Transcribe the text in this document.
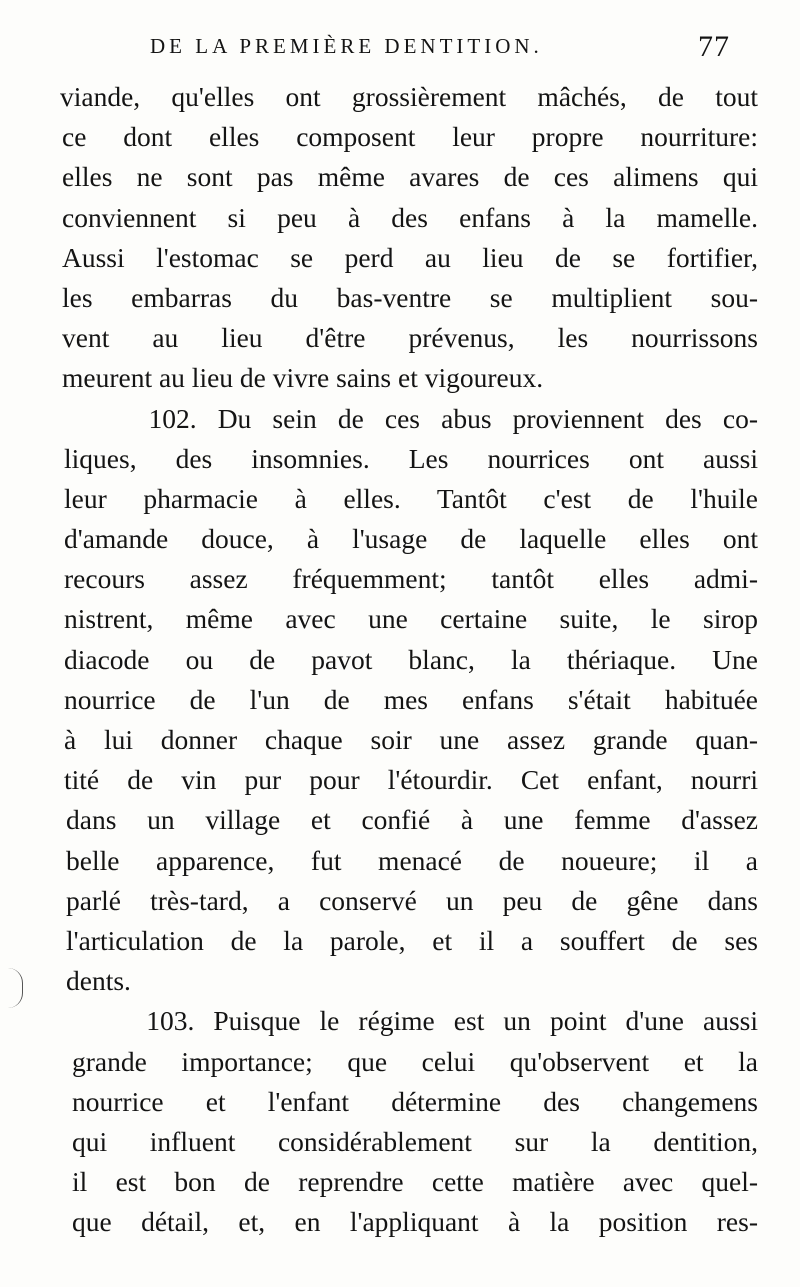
DE LA PREMIÈRE DENTITION.	77
viande, qu'elles ont grossièrement mâchés, de tout
ce dont elles composent leur propre nourriture:
elles ne sont pas même avares de ces alimens qui
conviennent si peu à des enfans à la mamelle.
Aussi l'estomac se perd au lieu de se fortifier,
les embarras du bas-ventre se multiplient sou-
vent au lieu d'être prévenus, les nourrissons
meurent au lieu de vivre sains et vigoureux.
102. Du sein de ces abus proviennent des co-
liques, des insomnies. Les nourrices ont aussi
leur pharmacie à elles. Tantôt c'est de l'huile
d'amande douce, à l'usage de laquelle elles ont
recours assez fréquemment; tantôt elles admi-
nistrent, même avec une certaine suite, le sirop
diacode ou de pavot blanc, la thériaque. Une
nourrice de l'un de mes enfans s'était habituée
à lui donner chaque soir une assez grande quan-
tité de vin pur pour l'étourdir. Cet enfant, nourri
dans un village et confié à une femme d'assez
belle apparence, fut menacé de noueure; il a
parlé très-tard, a conservé un peu de gêne dans
l'articulation de la parole, et il a souffert de ses
dents.
103. Puisque le régime est un point d'une aussi
grande importance; que celui qu'observent et la
nourrice et l'enfant détermine des changemens
qui influent considérablement sur la dentition,
il est bon de reprendre cette matière avec quel-
que détail, et, en l'appliquant à la position res-
